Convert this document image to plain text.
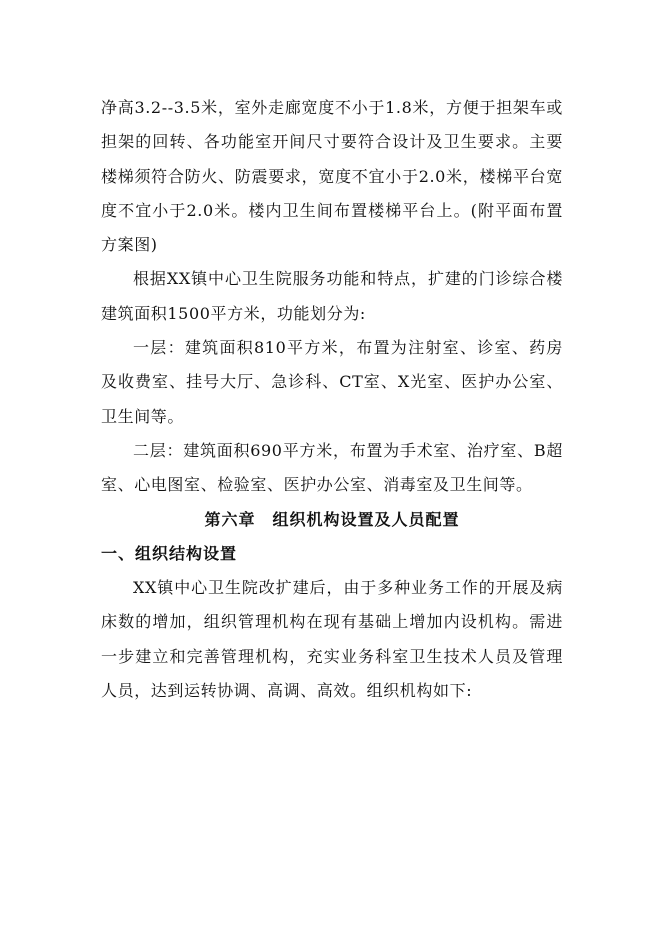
净高3.2--3.5米，室外走廊宽度不小于1.8米，方便于担架车或担架的回转、各功能室开间尺寸要符合设计及卫生要求。主要楼梯须符合防火、防震要求，宽度不宜小于2.0米，楼梯平台宽度不宜小于2.0米。楼内卫生间布置楼梯平台上。(附平面布置方案图)

根据XX镇中心卫生院服务功能和特点，扩建的门诊综合楼建筑面积1500平方米，功能划分为:

一层：建筑面积810平方米，布置为注射室、诊室、药房及收费室、挂号大厅、急诊科、CT室、X光室、医护办公室、卫生间等。

二层：建筑面积690平方米，布置为手术室、治疗室、B超室、心电图室、检验室、医护办公室、消毒室及卫生间等。

第六章　组织机构设置及人员配置

一、组织结构设置

XX镇中心卫生院改扩建后，由于多种业务工作的开展及病床数的增加，组织管理机构在现有基础上增加内设机构。需进一步建立和完善管理机构，充实业务科室卫生技术人员及管理人员，达到运转协调、高调、高效。组织机构如下:
